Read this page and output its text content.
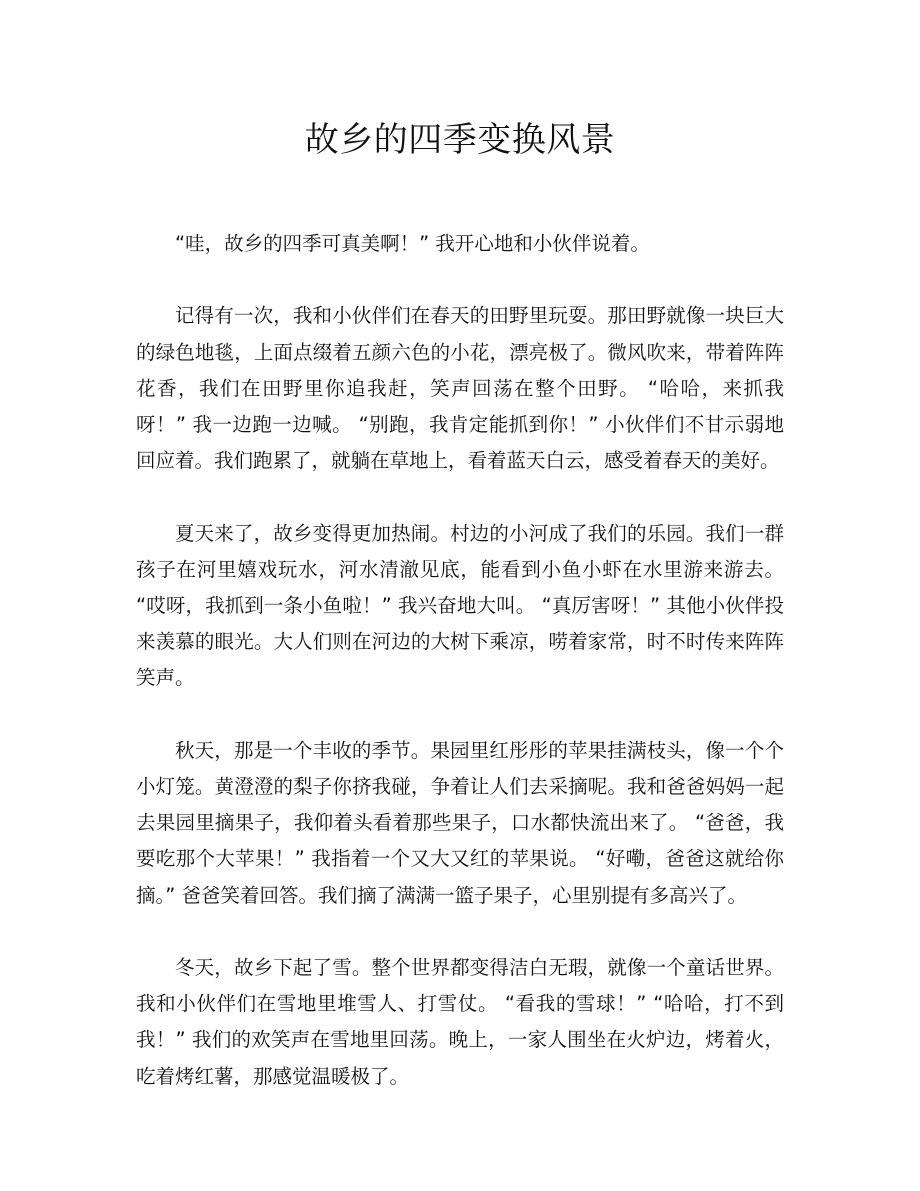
故乡的四季变换风景

“哇，故乡的四季可真美啊！” 我开心地和小伙伴说着。

记得有一次，我和小伙伴们在春天的田野里玩耍。那田野就像一块巨大的绿色地毯，上面点缀着五颜六色的小花，漂亮极了。微风吹来，带着阵阵花香，我们在田野里你追我赶，笑声回荡在整个田野。 “哈哈，来抓我呀！” 我一边跑一边喊。 “别跑，我肯定能抓到你！” 小伙伴们不甘示弱地回应着。我们跑累了，就躺在草地上，看着蓝天白云，感受着春天的美好。

夏天来了，故乡变得更加热闹。村边的小河成了我们的乐园。我们一群孩子在河里嬉戏玩水，河水清澈见底，能看到小鱼小虾在水里游来游去。 “哎呀，我抓到一条小鱼啦！” 我兴奋地大叫。 “真厉害呀！” 其他小伙伴投来羡慕的眼光。大人们则在河边的大树下乘凉，唠着家常，时不时传来阵阵笑声。

秋天，那是一个丰收的季节。果园里红彤彤的苹果挂满枝头，像一个个小灯笼。黄澄澄的梨子你挤我碰，争着让人们去采摘呢。我和爸爸妈妈一起去果园里摘果子，我仰着头看着那些果子，口水都快流出来了。 “爸爸，我要吃那个大苹果！” 我指着一个又大又红的苹果说。 “好嘞，爸爸这就给你摘。” 爸爸笑着回答。我们摘了满满一篮子果子，心里别提有多高兴了。

冬天，故乡下起了雪。整个世界都变得洁白无瑕，就像一个童话世界。我和小伙伴们在雪地里堆雪人、打雪仗。 “看我的雪球！” “哈哈，打不到我！” 我们的欢笑声在雪地里回荡。晚上，一家人围坐在火炉边，烤着火，吃着烤红薯，那感觉温暖极了。
